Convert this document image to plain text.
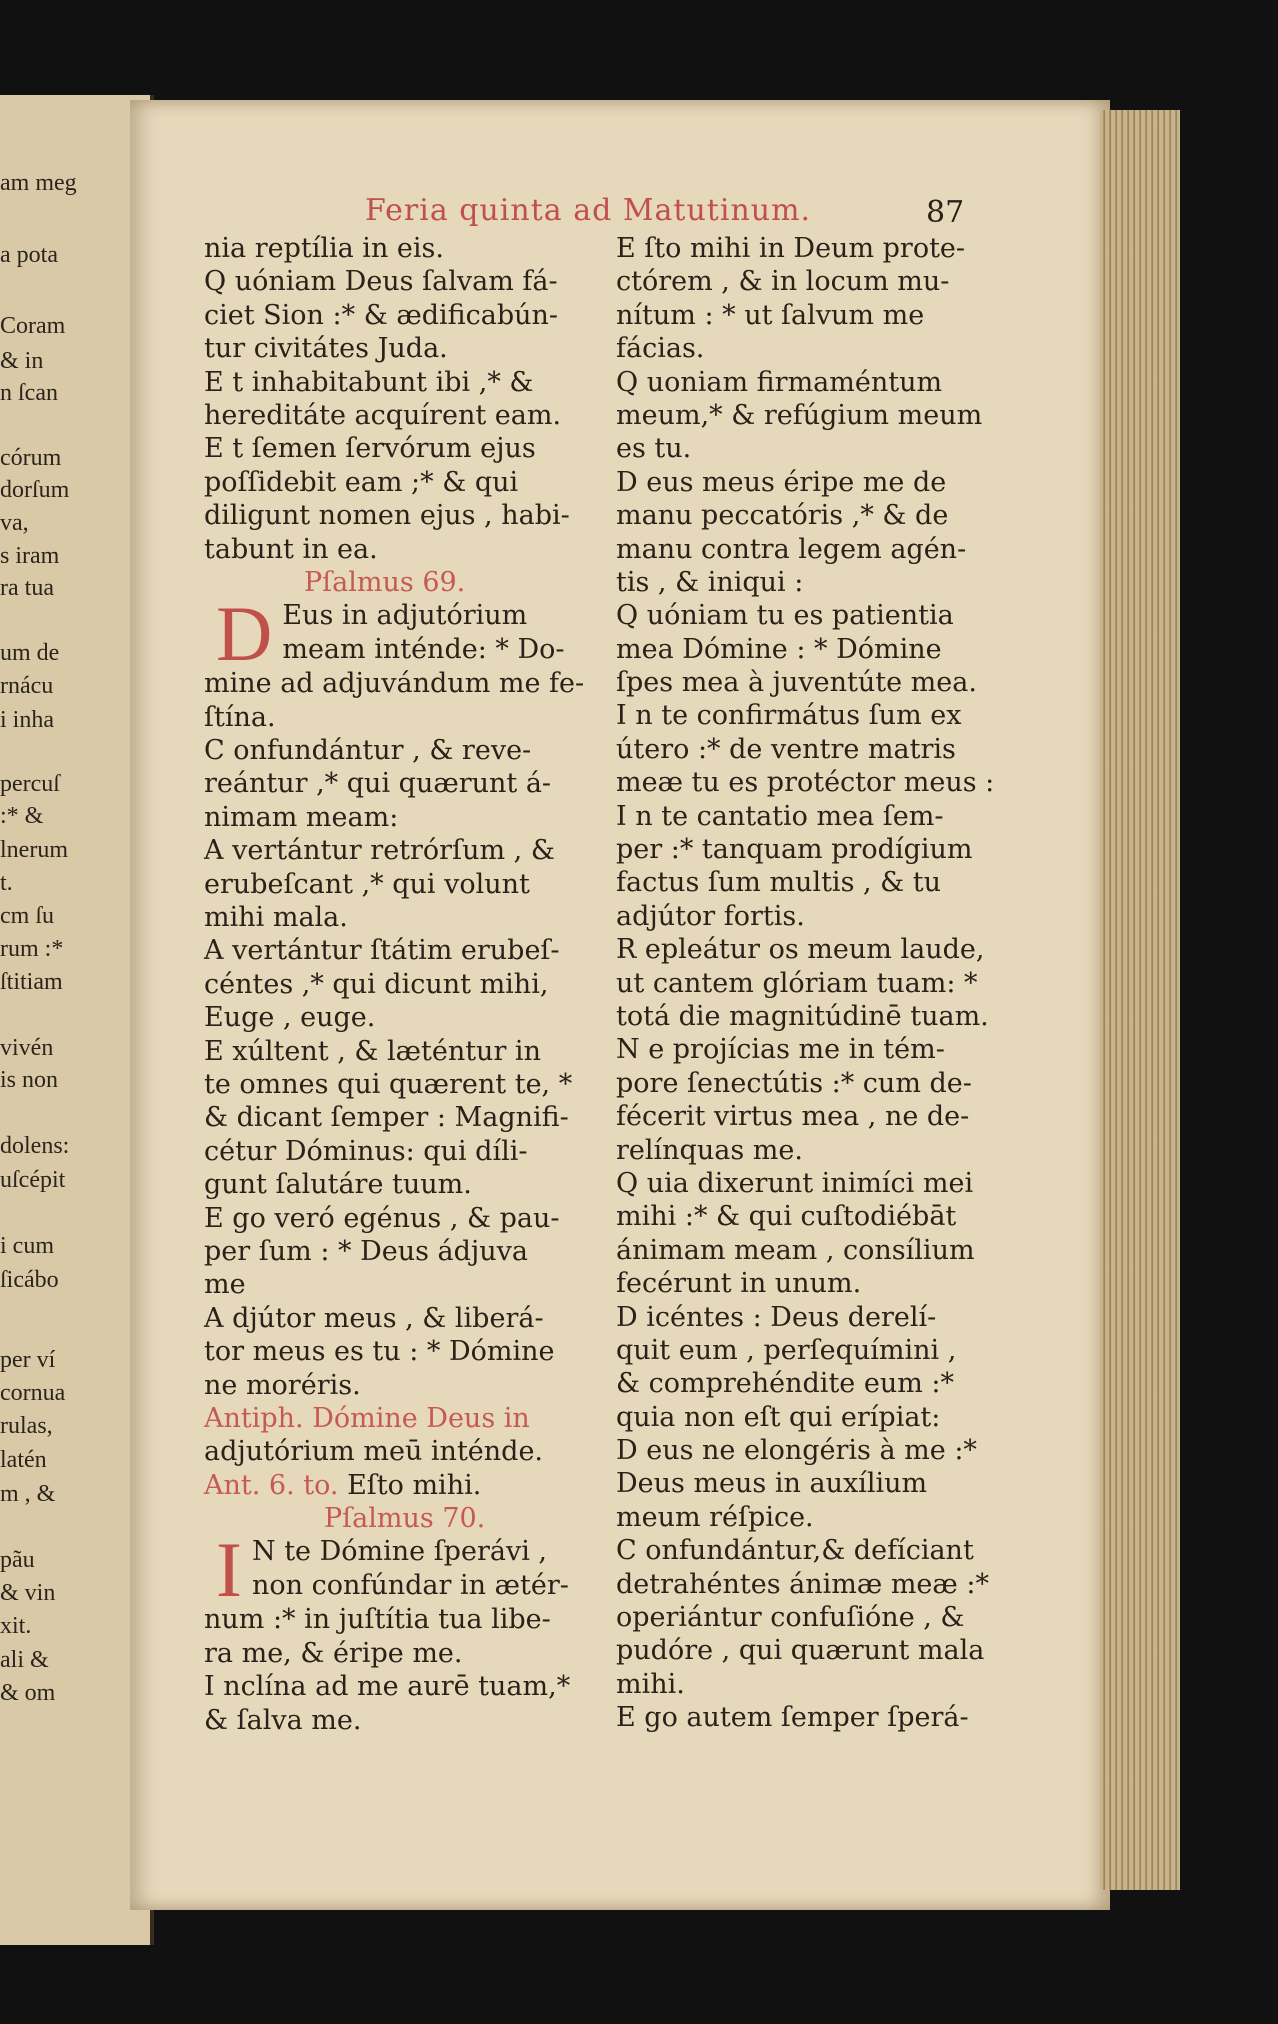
am meg
a pota
Coram
& in
n ſcan
córum
dorſum
va,
s iram
ra tua
um de
rnácu
i inha
percuſ
:* &
lnerum
t.
cm ſu
rum :*
ſtitiam
vivén
is non
dolens:
uſcépit
i cum
ſicábo
per ví
cornua
rulas,
latén
m , &
pãu
& vin
xit.
ali &
& om
Feria quinta ad Matutinum.	87
nia reptília in eis.
Q uóniam Deus ſalvam fá-
ciet Sion :* & ædificabún-
tur civitátes Juda.
E t inhabitabunt ibi ,* &
hereditáte acquírent eam.
E t ſemen ſervórum ejus
poſſidebit eam ;* & qui
diligunt nomen ejus , habi-
tabunt in ea.
Pſalmus 69.
D Eus in adjutórium
meam inténde: * Do-
mine ad adjuvándum me fe-
ſtína.
C onfundántur , & reve-
reántur ,* qui quærunt á-
nimam meam:
A vertántur retrórſum , &
erubeſcant ,* qui volunt
mihi mala.
A vertántur ſtátim erubeſ-
céntes ,* qui dicunt mihi,
Euge , euge.
E xúltent , & læténtur in
te omnes qui quærent te, *
& dicant ſemper : Magnifi-
cétur Dóminus: qui díli-
gunt ſalutáre tuum.
E go veró egénus , & pau-
per ſum : * Deus ádjuva
me
A djútor meus , & liberá-
tor meus es tu : * Dómine
ne moréris.
Antiph. Dómine Deus in
adjutórium meū inténde.
Ant. 6. to. Eſto mihi.
Pſalmus 70.
I N te Dómine ſperávi ,
non confúndar in ætér-
num :* in juſtítia tua libe-
ra me, & éripe me.
I nclína ad me aurē tuam,*
& ſalva me.
E ſto mihi in Deum prote-
ctórem , & in locum mu-
nítum : * ut ſalvum me
fácias.
Q uoniam firmaméntum
meum,* & refúgium meum
es tu.
D eus meus éripe me de
manu peccatóris ,* & de
manu contra legem agén-
tis , & iniqui :
Q uóniam tu es patientia
mea Dómine : * Dómine
ſpes mea à juventúte mea.
I n te confirmátus ſum ex
útero :* de ventre matris
meæ tu es protéctor meus :
I n te cantatio mea ſem-
per :* tanquam prodígium
factus ſum multis , & tu
adjútor fortis.
R epleátur os meum laude,
ut cantem glóriam tuam: *
totá die magnitúdinē tuam.
N e projícias me in tém-
pore ſenectútis :* cum de-
fécerit virtus mea , ne de-
relínquas me.
Q uia dixerunt inimíci mei
mihi :* & qui cuſtodiébāt
ánimam meam , consílium
fecérunt in unum.
D icéntes : Deus derelí-
quit eum , perſequímini ,
& comprehéndite eum :*
quia non eſt qui erípiat:
D eus ne elongéris à me :*
Deus meus in auxílium
meum réſpice.
C onfundántur,& defíciant
detrahéntes ánimæ meæ :*
operiántur confuſióne , &
pudóre , qui quærunt mala
mihi.
E go autem ſemper ſperá-
